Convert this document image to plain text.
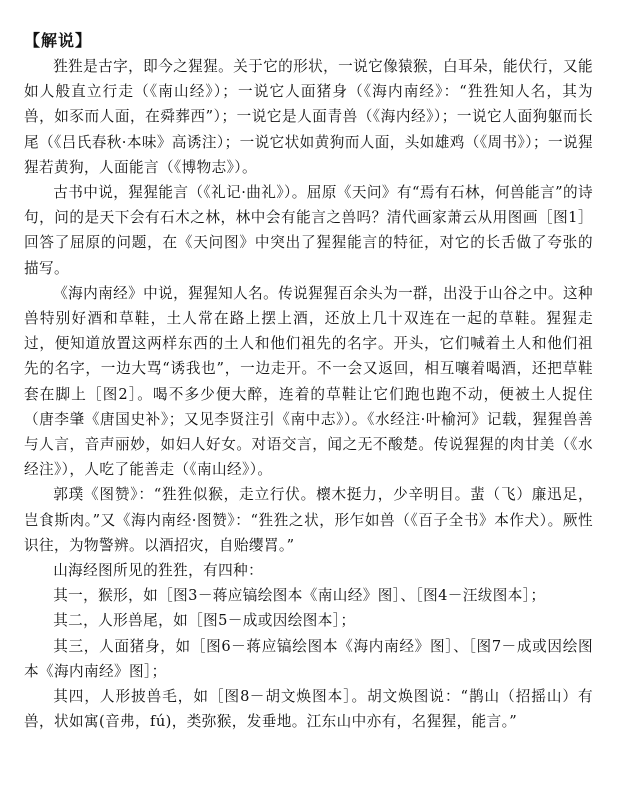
【解说】

狌狌是古字，即今之猩猩。关于它的形状，一说它像猿猴，白耳朵，能伏行，又能如人般直立行走（《南山经》）；一说它人面猪身（《海内南经》：“狌狌知人名，其为兽，如豕而人面，在舜葬西”）；一说它是人面青兽（《海内经》）；一说它人面狗躯而长尾（《吕氏春秋·本味》高诱注）；一说它状如黄狗而人面，头如雄鸡（《周书》）；一说猩猩若黄狗，人面能言（《博物志》）。

古书中说，猩猩能言（《礼记·曲礼》）。屈原《天问》有“焉有石林，何兽能言”的诗句，问的是天下会有石木之林，林中会有能言之兽吗？清代画家萧云从用图画［图1］回答了屈原的问题，在《天问图》中突出了猩猩能言的特征，对它的长舌做了夸张的描写。

《海内南经》中说，猩猩知人名。传说猩猩百余头为一群，出没于山谷之中。这种兽特别好酒和草鞋，土人常在路上摆上酒，还放上几十双连在一起的草鞋。猩猩走过，便知道放置这两样东西的土人和他们祖先的名字。开头，它们喊着土人和他们祖先的名字，一边大骂“诱我也”，一边走开。不一会又返回，相互嚷着喝酒，还把草鞋套在脚上［图2］。喝不多少便大醉，连着的草鞋让它们跑也跑不动，便被土人捉住（唐李肇《唐国史补》；又见李贤注引《南中志》）。《水经注·叶榆河》记载，猩猩兽善与人言，音声丽妙，如妇人好女。对语交言，闻之无不酸楚。传说猩猩的肉甘美（《水经注》），人吃了能善走（《南山经》）。

郭璞《图赞》：“狌狌似猴，走立行伏。櫰木挺力，少辛明目。蜚（飞）廉迅足，岂食斯肉。”又《海内南经·图赞》：“狌狌之状，形乍如兽（《百子全书》本作犬）。厥性识往，为物警辨。以酒招灾，自贻缨罥。”

山海经图所见的狌狌，有四种：

其一，猴形，如［图3－蒋应镐绘图本《南山经》图］、［图4－汪绂图本］；

其二，人形兽尾，如［图5－成或因绘图本］；

其三，人面猪身，如［图6－蒋应镐绘图本《海内南经》图］、［图7－成或因绘图本《海内南经》图］；

其四，人形披兽毛，如［图8－胡文焕图本］。胡文焕图说：“鹊山（招摇山）有兽，状如寓(音弗，fú)，类弥猴，发垂地。江东山中亦有，名猩猩，能言。”
